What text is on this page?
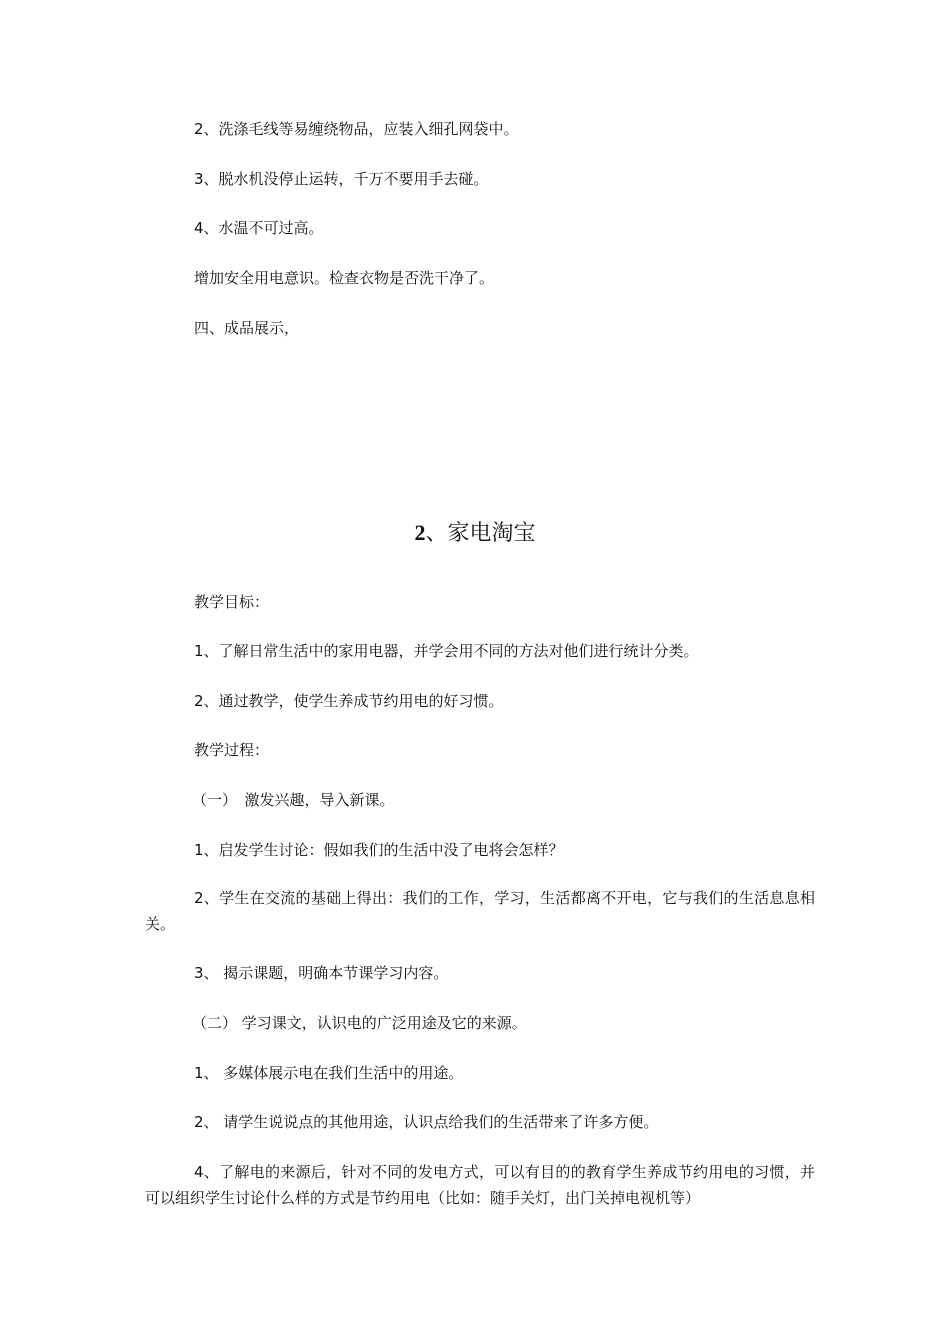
2、洗涤毛线等易缠绕物品，应装入细孔网袋中。
3、脱水机没停止运转，千万不要用手去碰。
4、水温不可过高。
增加安全用电意识。检查衣物是否洗干净了。
四、成品展示，
2、家电淘宝
教学目标：
1、了解日常生活中的家用电器，并学会用不同的方法对他们进行统计分类。
2、通过教学，使学生养成节约用电的好习惯。
教学过程：
（一）　激发兴趣，导入新课。
1、启发学生讨论：假如我们的生活中没了电将会怎样？
2、学生在交流的基础上得出：我们的工作，学习，生活都离不开电，它与我们的生活息息相关。
3、 揭示课题，明确本节课学习内容。
（二） 学习课文，认识电的广泛用途及它的来源。
1、 多媒体展示电在我们生活中的用途。
2、 请学生说说点的其他用途，认识点给我们的生活带来了许多方便。
4、了解电的来源后，针对不同的发电方式，可以有目的的教育学生养成节约用电的习惯，并可以组织学生讨论什么样的方式是节约用电（比如：随手关灯，出门关掉电视机等）
